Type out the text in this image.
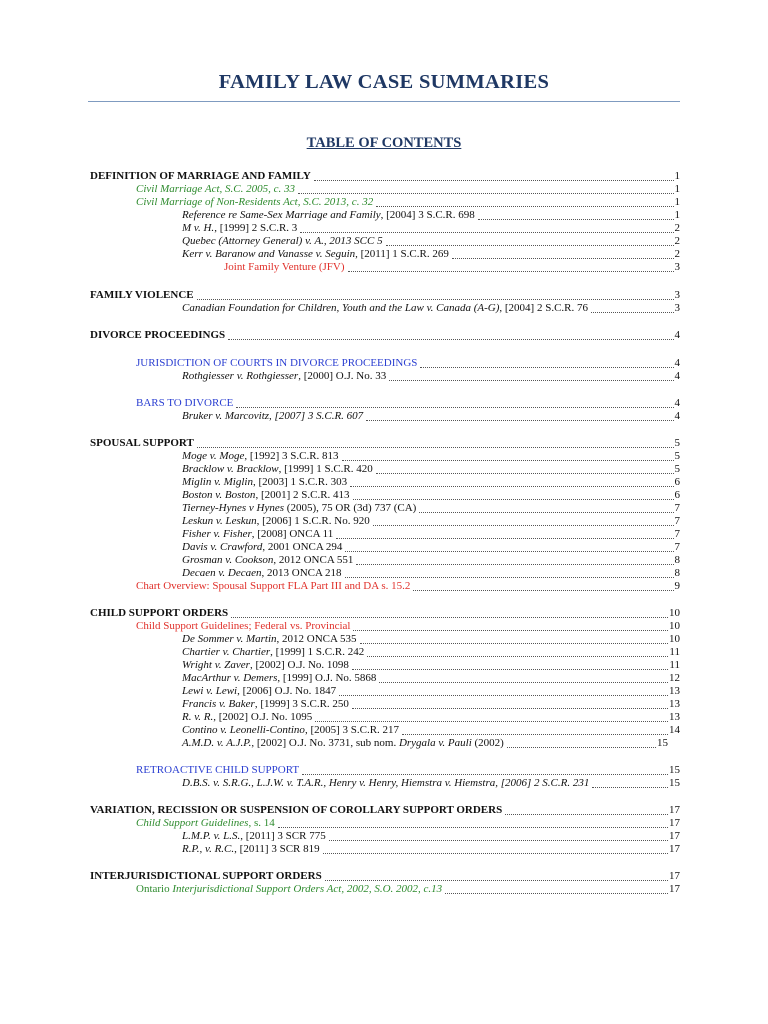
FAMILY LAW CASE SUMMARIES
TABLE OF CONTENTS
DEFINITION OF MARRIAGE AND FAMILY	1
Civil Marriage Act, S.C. 2005, c. 33	1
Civil Marriage of Non-Residents Act, S.C. 2013, c. 32	1
Reference re Same-Sex Marriage and Family, [2004] 3 S.C.R. 698	1
M v. H., [1999] 2 S.C.R. 3	2
Quebec (Attorney General) v. A., 2013 SCC 5	2
Kerr v. Baranow and Vanasse v. Seguin, [2011] 1 S.C.R. 269	2
Joint Family Venture (JFV)	3
FAMILY VIOLENCE	3
Canadian Foundation for Children, Youth and the Law v. Canada (A-G), [2004] 2 S.C.R. 76	3
DIVORCE PROCEEDINGS	4
JURISDICTION OF COURTS IN DIVORCE PROCEEDINGS	4
Rothgiesser v. Rothgiesser, [2000] O.J. No. 33	4
BARS TO DIVORCE	4
Bruker v. Marcovitz, [2007] 3 S.C.R. 607	4
SPOUSAL SUPPORT	5
Moge v. Moge, [1992] 3 S.C.R. 813	5
Bracklow v. Bracklow, [1999] 1 S.C.R. 420	5
Miglin v. Miglin, [2003] 1 S.C.R. 303	6
Boston v. Boston, [2001] 2 S.C.R. 413	6
Tierney-Hynes v Hynes (2005), 75 OR (3d) 737 (CA)	7
Leskun v. Leskun, [2006] 1 S.C.R. No. 920	7
Fisher v. Fisher, [2008] ONCA 11	7
Davis v. Crawford, 2001 ONCA 294	7
Grosman v. Cookson, 2012 ONCA 551	8
Decaen v. Decaen, 2013 ONCA 218	8
Chart Overview: Spousal Support FLA Part III and DA s. 15.2	9
CHILD SUPPORT ORDERS	10
Child Support Guidelines; Federal vs. Provincial	10
De Sommer v. Martin, 2012 ONCA 535	10
Chartier v. Chartier, [1999] 1 S.C.R. 242	11
Wright v. Zaver, [2002] O.J. No. 1098	11
MacArthur v. Demers, [1999] O.J. No. 5868	12
Lewi v. Lewi, [2006] O.J. No. 1847	13
Francis v. Baker, [1999] 3 S.C.R. 250	13
R. v. R., [2002] O.J. No. 1095	13
Contino v. Leonelli-Contino, [2005] 3 S.C.R. 217	14
A.M.D. v. A.J.P., [2002] O.J. No. 3731, sub nom. Drygala v. Pauli (2002)	15
RETROACTIVE CHILD SUPPORT	15
D.B.S. v. S.R.G., L.J.W. v. T.A.R., Henry v. Henry, Hiemstra v. Hiemstra, [2006] 2 S.C.R. 231	15
VARIATION, RECISSION OR SUSPENSION OF COROLLARY SUPPORT ORDERS	17
Child Support Guidelines, s. 14	17
L.M.P. v. L.S., [2011] 3 SCR 775	17
R.P., v. R.C., [2011] 3 SCR 819	17
INTERJURISDICTIONAL SUPPORT ORDERS	17
Ontario Interjurisdictional Support Orders Act, 2002, S.O. 2002, c.13	17
